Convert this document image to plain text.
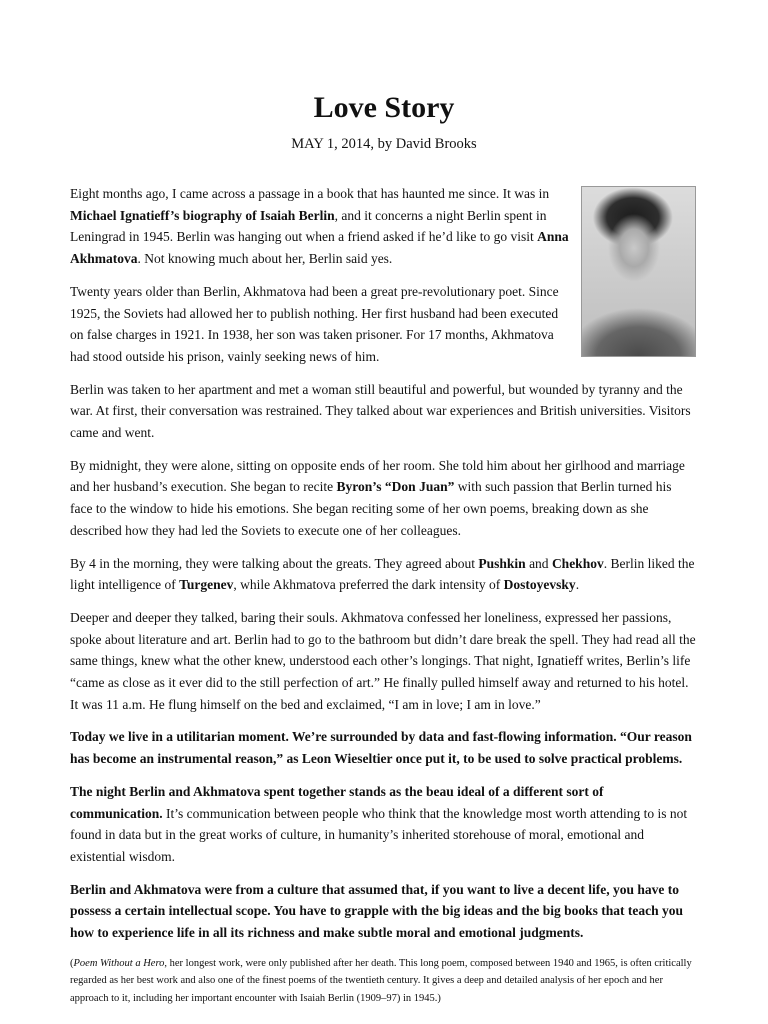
Love Story
MAY 1, 2014, by David Brooks

Eight months ago, I came across a passage in a book that has haunted me since. It was in Michael Ignatieff’s biography of Isaiah Berlin, and it concerns a night Berlin spent in Leningrad in 1945. Berlin was hanging out when a friend asked if he’d like to go visit Anna Akhmatova. Not knowing much about her, Berlin said yes.

Twenty years older than Berlin, Akhmatova had been a great pre-revolutionary poet. Since 1925, the Soviets had allowed her to publish nothing. Her first husband had been executed on false charges in 1921. In 1938, her son was taken prisoner. For 17 months, Akhmatova had stood outside his prison, vainly seeking news of him.

Berlin was taken to her apartment and met a woman still beautiful and powerful, but wounded by tyranny and the war. At first, their conversation was restrained. They talked about war experiences and British universities. Visitors came and went.

By midnight, they were alone, sitting on opposite ends of her room. She told him about her girlhood and marriage and her husband’s execution. She began to recite Byron’s “Don Juan” with such passion that Berlin turned his face to the window to hide his emotions. She began reciting some of her own poems, breaking down as she described how they had led the Soviets to execute one of her colleagues.

By 4 in the morning, they were talking about the greats. They agreed about Pushkin and Chekhov. Berlin liked the light intelligence of Turgenev, while Akhmatova preferred the dark intensity of Dostoyevsky.

Deeper and deeper they talked, baring their souls. Akhmatova confessed her loneliness, expressed her passions, spoke about literature and art. Berlin had to go to the bathroom but didn’t dare break the spell. They had read all the same things, knew what the other knew, understood each other’s longings. That night, Ignatieff writes, Berlin’s life “came as close as it ever did to the still perfection of art.” He finally pulled himself away and returned to his hotel. It was 11 a.m. He flung himself on the bed and exclaimed, “I am in love; I am in love.”

Today we live in a utilitarian moment. We’re surrounded by data and fast-flowing information. “Our reason has become an instrumental reason,” as Leon Wieseltier once put it, to be used to solve practical problems.

The night Berlin and Akhmatova spent together stands as the beau ideal of a different sort of communication. It’s communication between people who think that the knowledge most worth attending to is not found in data but in the great works of culture, in humanity’s inherited storehouse of moral, emotional and existential wisdom.

Berlin and Akhmatova were from a culture that assumed that, if you want to live a decent life, you have to possess a certain intellectual scope. You have to grapple with the big ideas and the big books that teach you how to experience life in all its richness and make subtle moral and emotional judgments.

(Poem Without a Hero, her longest work, were only published after her death. This long poem, composed between 1940 and 1965, is often critically regarded as her best work and also one of the finest poems of the twentieth century. It gives a deep and detailed analysis of her epoch and her approach to it, including her important encounter with Isaiah Berlin (1909–97) in 1945.)
